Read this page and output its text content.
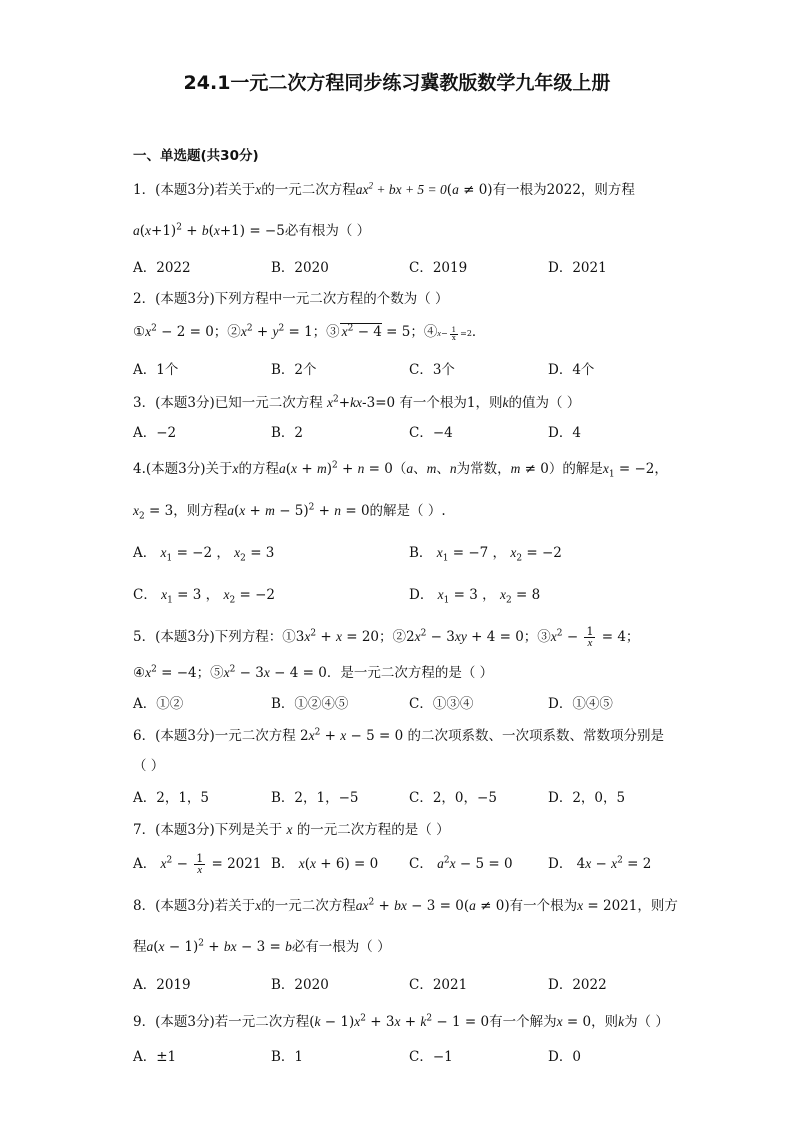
24.1一元二次方程同步练习冀教版数学九年级上册
一、单选题(共30分)
1．(本题3分)若关于x的一元二次方程$ax^2$ + bx + 5 = 0(a ≠ 0)有一根为2022，则方程
$a(x+1)^2 + b(x+1) = -5$必有根为（ ）
A．2022	B．2020	C．2019	D．2021
2．(本题3分)下列方程中一元二次方程的个数为（ ）
$①x^2 - 2 = 0$；$②x^2 + y^2 = 1$；③ $x^2 - 4 = 5$；④x− $\frac{1}{x} =2$．
A．1个	B．2个	C．3个	D．4个
3．(本题3分)已知一元二次方程 $x^2+kx-3=0$ 有一个根为1，则k的值为（ ）
A．−2	B．2	C．−4	D．4
4.(本题3分)关于x的方程$a(x + m)^2 + n = 0(a$、m、n为常数，m ≠ 0）的解是$x_1 = -2$，
$x_2 = 3$，则方程$a(x + m - 5)^2 + n = 0$的解是（ ）.
A． $x_1 = -2$ ， $x_2 = 3$	B． $x_1 = -7$ ， $x_2 = -2$
C． $x_1 = 3$ ， $x_2 = -2$	D． $x_1 = 3$ ， $x_2 = 8$
5．(本题3分)下列方程：$①3x^2 + x = 20$；$②2x^2 - 3xy + 4 = 0$；$③x^2 - \frac{1}{x} = 4$；
$④x^2 = -4$；$⑤x^2 - 3x - 4 = 0$．是一元二次方程的是（ ）
A．①②	B．①②④⑤	C．①③④	D．①④⑤
6．(本题3分)一元二次方程 $2x^2 + x - 5 = 0$ 的二次项系数、一次项系数、常数项分别是
（ ）
A．2，1，5	B．2，1，−5	C．2，0，−5	D．2，0，5
7．(本题3分)下列是关于 x 的一元二次方程的是（ ）
A． $x^2 - \frac{1}{x} = 2021$ B． x(x + 6) = 0 C． $a^2x - 5 = 0$	D． $4x - x^2 = 2$
8．(本题3分)若关于x的一元二次方程$ax^2$ + bx − 3 = 0(a ≠ 0)有一个根为x = 2021，则方
程$a(x - 1)^2$ + bx − 3 = b必有一根为（ ）
A．2019	B．2020	C．2021	D．2022
9．(本题3分)若一元二次方程$(k - 1)x^2 + 3x + k^2 - 1 = 0$有一个解为x = 0，则k为（ ）
A．±1	B．1	C．−1	D．0
